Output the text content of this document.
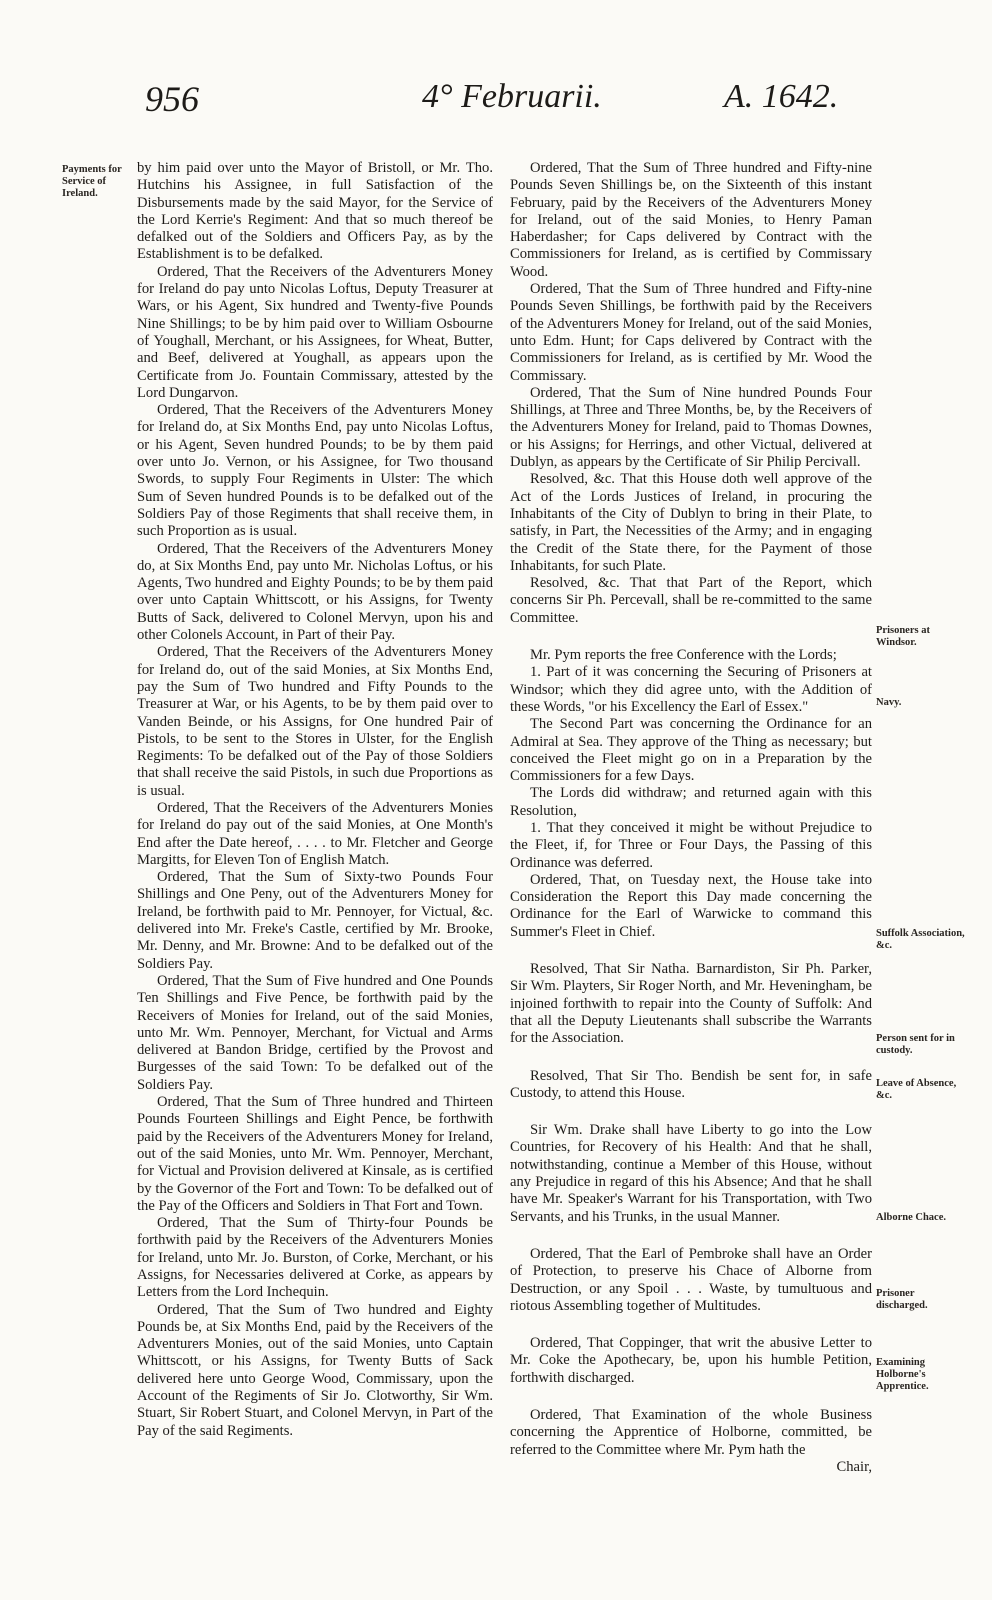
956	4° Februarii.	A. 1642.
Payments for Service of Ireland.
Prisoners at Windsor.
Navy.
Suffolk Association, &c.
Person sent for in custody.
Leave of Absence, &c.
Alborne Chace.
Prisoner discharged.
Examining Holborne's Apprentice.

by him paid over unto the Mayor of Bristoll, or Mr. Tho. Hutchins his Assignee, in full Satisfaction of the Disbursements made by the said Mayor, for the Service of the Lord Kerrie's Regiment: And that so much thereof be defalked out of the Soldiers and Officers Pay, as by the Establishment is to be defalked.

Ordered, That the Receivers of the Adventurers Money for Ireland do pay unto Nicolas Loftus, Deputy Treasurer at Wars, or his Agent, Six hundred and Twenty-five Pounds Nine Shillings; to be by him paid over to William Osbourne of Youghall, Merchant, or his Assignees, for Wheat, Butter, and Beef, delivered at Youghall, as appears upon the Certificate from Jo. Fountain Commissary, attested by the Lord Dungarvon.

Ordered, That the Receivers of the Adventurers Money for Ireland do, at Six Months End, pay unto Nicolas Loftus, or his Agent, Seven hundred Pounds; to be by them paid over unto Jo. Vernon, or his Assignee, for Two thousand Swords, to supply Four Regiments in Ulster: The which Sum of Seven hundred Pounds is to be defalked out of the Soldiers Pay of those Regiments that shall receive them, in such Proportion as is usual.

Ordered, That the Receivers of the Adventurers Money do, at Six Months End, pay unto Mr. Nicholas Loftus, or his Agents, Two hundred and Eighty Pounds; to be by them paid over unto Captain Whittscott, or his Assigns, for Twenty Butts of Sack, delivered to Colonel Mervyn, upon his and other Colonels Account, in Part of their Pay.

Ordered, That the Receivers of the Adventurers Money for Ireland do, out of the said Monies, at Six Months End, pay the Sum of Two hundred and Fifty Pounds to the Treasurer at War, or his Agents, to be by them paid over to Vanden Beinde, or his Assigns, for One hundred Pair of Pistols, to be sent to the Stores in Ulster, for the English Regiments: To be defalked out of the Pay of those Soldiers that shall receive the said Pistols, in such due Proportions as is usual.

Ordered, That the Receivers of the Adventurers Monies for Ireland do pay out of the said Monies, at One Month's End after the Date hereof, . . . . to Mr. Fletcher and George Margitts, for Eleven Ton of English Match.

Ordered, That the Sum of Sixty-two Pounds Four Shillings and One Peny, out of the Adventurers Money for Ireland, be forthwith paid to Mr. Pennoyer, for Victual, &c. delivered into Mr. Freke's Castle, certified by Mr. Brooke, Mr. Denny, and Mr. Browne: And to be defalked out of the Soldiers Pay.

Ordered, That the Sum of Five hundred and One Pounds Ten Shillings and Five Pence, be forthwith paid by the Receivers of Monies for Ireland, out of the said Monies, unto Mr. Wm. Pennoyer, Merchant, for Victual and Arms delivered at Bandon Bridge, certified by the Provost and Burgesses of the said Town: To be defalked out of the Soldiers Pay.

Ordered, That the Sum of Three hundred and Thirteen Pounds Fourteen Shillings and Eight Pence, be forthwith paid by the Receivers of the Adventurers Money for Ireland, out of the said Monies, unto Mr. Wm. Pennoyer, Merchant, for Victual and Provision delivered at Kinsale, as is certified by the Governor of the Fort and Town: To be defalked out of the Pay of the Officers and Soldiers in That Fort and Town.

Ordered, That the Sum of Thirty-four Pounds be forthwith paid by the Receivers of the Adventurers Monies for Ireland, unto Mr. Jo. Burston, of Corke, Merchant, or his Assigns, for Necessaries delivered at Corke, as appears by Letters from the Lord Inchequin.

Ordered, That the Sum of Two hundred and Eighty Pounds be, at Six Months End, paid by the Receivers of the Adventurers Monies, out of the said Monies, unto Captain Whittscott, or his Assigns, for Twenty Butts of Sack delivered here unto George Wood, Commissary, upon the Account of the Regiments of Sir Jo. Clotworthy, Sir Wm. Stuart, Sir Robert Stuart, and Colonel Mervyn, in Part of the Pay of the said Regiments.

Ordered, That the Sum of Three hundred and Fifty-nine Pounds Seven Shillings be, on the Sixteenth of this instant February, paid by the Receivers of the Adventurers Money for Ireland, out of the said Monies, to Henry Paman Haberdasher; for Caps delivered by Contract with the Commissioners for Ireland, as is certified by Commissary Wood.

Ordered, That the Sum of Three hundred and Fifty-nine Pounds Seven Shillings, be forthwith paid by the Receivers of the Adventurers Money for Ireland, out of the said Monies, unto Edm. Hunt; for Caps delivered by Contract with the Commissioners for Ireland, as is certified by Mr. Wood the Commissary.

Ordered, That the Sum of Nine hundred Pounds Four Shillings, at Three and Three Months, be, by the Receivers of the Adventurers Money for Ireland, paid to Thomas Downes, or his Assigns; for Herrings, and other Victual, delivered at Dublyn, as appears by the Certificate of Sir Philip Percivall.

Resolved, &c. That this House doth well approve of the Act of the Lords Justices of Ireland, in procuring the Inhabitants of the City of Dublyn to bring in their Plate, to satisfy, in Part, the Necessities of the Army; and in engaging the Credit of the State there, for the Payment of those Inhabitants, for such Plate.

Resolved, &c. That that Part of the Report, which concerns Sir Ph. Percevall, shall be re-committed to the same Committee.

Mr. Pym reports the free Conference with the Lords;

1. Part of it was concerning the Securing of Prisoners at Windsor; which they did agree unto, with the Addition of these Words, "or his Excellency the Earl of Essex."

The Second Part was concerning the Ordinance for an Admiral at Sea. They approve of the Thing as necessary; but conceived the Fleet might go on in a Preparation by the Commissioners for a few Days.

The Lords did withdraw; and returned again with this Resolution,

1. That they conceived it might be without Prejudice to the Fleet, if, for Three or Four Days, the Passing of this Ordinance was deferred.

Ordered, That, on Tuesday next, the House take into Consideration the Report this Day made concerning the Ordinance for the Earl of Warwicke to command this Summer's Fleet in Chief.

Resolved, That Sir Natha. Barnardiston, Sir Ph. Parker, Sir Wm. Playters, Sir Roger North, and Mr. Heveningham, be injoined forthwith to repair into the County of Suffolk: And that all the Deputy Lieutenants shall subscribe the Warrants for the Association.

Resolved, That Sir Tho. Bendish be sent for, in safe Custody, to attend this House.

Sir Wm. Drake shall have Liberty to go into the Low Countries, for Recovery of his Health: And that he shall, notwithstanding, continue a Member of this House, without any Prejudice in regard of this his Absence; And that he shall have Mr. Speaker's Warrant for his Transportation, with Two Servants, and his Trunks, in the usual Manner.

Ordered, That the Earl of Pembroke shall have an Order of Protection, to preserve his Chace of Alborne from Destruction, or any Spoil . . . Waste, by tumultuous and riotous Assembling together of Multitudes.

Ordered, That Coppinger, that writ the abusive Letter to Mr. Coke the Apothecary, be, upon his humble Petition, forthwith discharged.

Ordered, That Examination of the whole Business concerning the Apprentice of Holborne, committed, be referred to the Committee where Mr. Pym hath the

Chair,
